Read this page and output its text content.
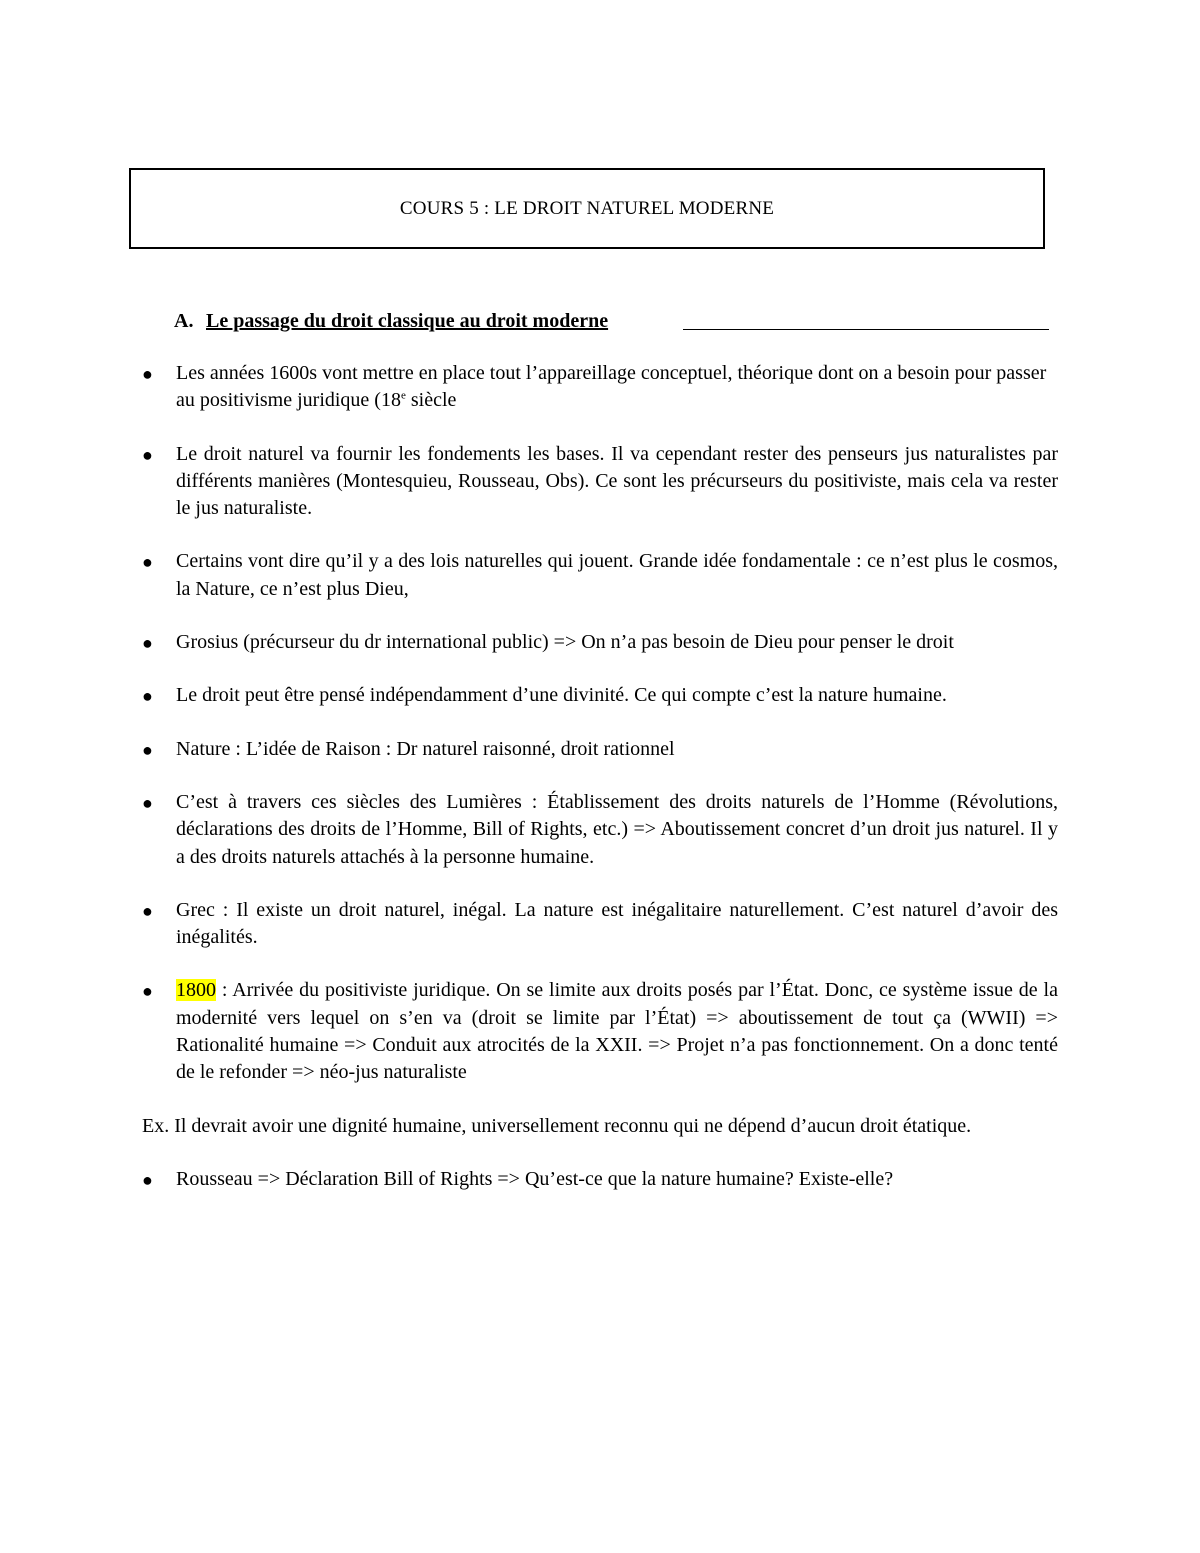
COURS 5 : LE DROIT NATUREL MODERNE
A. Le passage du droit classique au droit moderne
● Les années 1600s vont mettre en place tout l’appareillage conceptuel, théorique dont on a besoin pour passer au positivisme juridique (18e siècle
● Le droit naturel va fournir les fondements les bases. Il va cependant rester des penseurs jus naturalistes par différents manières (Montesquieu, Rousseau, Obs). Ce sont les précurseurs du positiviste, mais cela va rester le jus naturaliste.
● Certains vont dire qu’il y a des lois naturelles qui jouent. Grande idée fondamentale : ce n’est plus le cosmos, la Nature, ce n’est plus Dieu,
● Grosius (précurseur du dr international public) => On n’a pas besoin de Dieu pour penser le droit
● Le droit peut être pensé indépendamment d’une divinité. Ce qui compte c’est la nature humaine.
● Nature : L’idée de Raison : Dr naturel raisonné, droit rationnel
● C’est à travers ces siècles des Lumières : Établissement des droits naturels de l’Homme (Révolutions, déclarations des droits de l’Homme, Bill of Rights, etc.) => Aboutissement concret d’un droit jus naturel. Il y a des droits naturels attachés à la personne humaine.
● Grec : Il existe un droit naturel, inégal. La nature est inégalitaire naturellement. C’est naturel d’avoir des inégalités.
● 1800 : Arrivée du positiviste juridique. On se limite aux droits posés par l’État. Donc, ce système issue de la modernité vers lequel on s’en va (droit se limite par l’État) => aboutissement de tout ça (WWII) => Rationalité humaine => Conduit aux atrocités de la XXII. => Projet n’a pas fonctionnement. On a donc tenté de le refonder => néo-jus naturaliste
Ex. Il devrait avoir une dignité humaine, universellement reconnu qui ne dépend d’aucun droit étatique.
● Rousseau => Déclaration Bill of Rights => Qu’est-ce que la nature humaine? Existe-elle?
